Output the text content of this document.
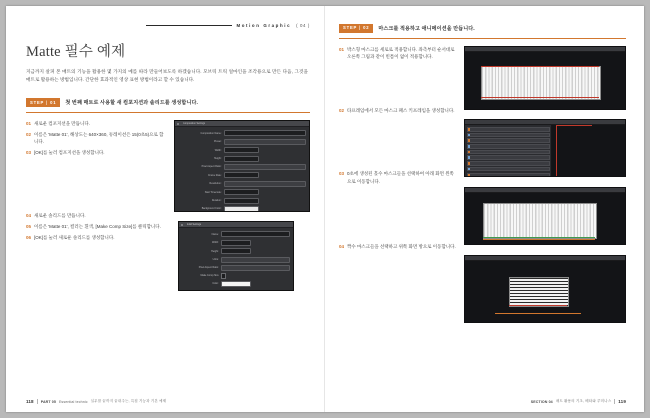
Motion Graphic ( 04 )
Matte 필수 예제
지금까지 살펴 본 매트의 기능을 활용한 몇 가지의 예를 따라 만들어보도록 하겠습니다. 모브릭 트릭 얼마인을 조각용으로 만든 다음, 그것을 매트로 활용하는 방법입니다. 간단한 효과적인 영상 표현 방법이라고 할 수 있습니다.
STEP | 01	첫 번째 매트로 사용할 새 컴포지션과 솔리드를 생성합니다.
01 새로운 컴포지션을 만듭니다.
02 이름은 'Matte 01', 해상도는 640×360, 듀레이션은 15(0초5)으로 합니다.
03 [OK]를 눌러 컴포지션을 생성합니다.
04 새로운 솔리드를 만듭니다.
05 이름은 'Matte 01', 컬러는 흰색, [Make Comp Size]를 클릭합니다.
06 [OK]를 눌러 새로운 솔리드를 생성합니다.
Composition Settings
Composition Name:
Preset:
Width:
Height:
Pixel Aspect Ratio:
Frame Rate:
Resolution:
Start Timecode:
Duration:
Background Color:
Solid Settings
Name:
Width:
Height:
Units:
Pixel Aspect Ratio:
Make Comp Size
Color:
118 PART 05 Essential technic 실무를 끝까지 끝내주는, 특집 기능과 기본 예제
STEP | 02	마스크를 적용하고 애니메이션을 만듭니다.
01 박스형 마스크를 세로로 적용합니다. 좌측부터 순서대로 오른쪽 그림과 같이 빈틈이 없이 적용합니다.
02 타프레임에서 모든 마스크 패스 키프레임을 생성합니다.
03 0초에 생성된 홀수 마스크들을 선택하여 아래 화면 왼쪽으로 이동합니다.
04 짝수 마스크들을 선택하고 위쪽 화면 방으로 이동합니다.
SECTION 04 매트 활용의 기초, 베타와 루미나스 119
